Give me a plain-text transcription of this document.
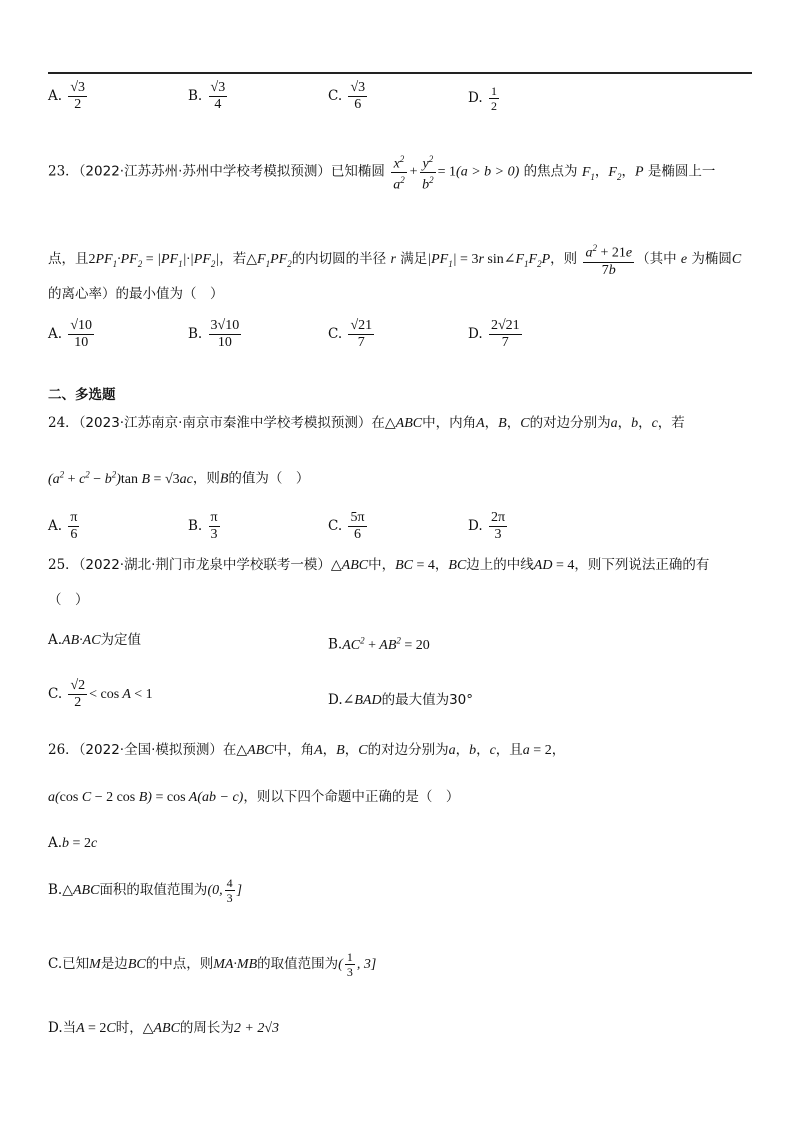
A. $\frac{√3}{2}$	B. $\frac{√3}{4}$	C. $\frac{√3}{6}$	D. $\frac{1}{2}$
23．（2022·江苏苏州·苏州中学校考模拟预测）已知椭圆 $\frac{x^2}{a^2} + \frac{y^2}{b^2} = 1(a > b > 0)$ 的焦点为 $F_1$，$F_2$，P 是椭圆上一
点，且$2PF_1\cdot PF_2 = |PF_1|\cdot|PF_2|$，若$\triangle F_1PF_2$的内切圆的半径 r 满足$|PF_1| = 3r$ $\sin\angle F_1F_2P$，则 $\frac{a^2 + 21e}{7b}$ （其中 e 为椭圆C
的离心率）的最小值为（　）
A. $\frac{√10}{10}$	B. $\frac{3√10}{10}$	C. $\frac{√21}{7}$	D. $\frac{2√21}{7}$
二、多选题
24．（2023·江苏南京·南京市秦淮中学校考模拟预测）在△ABC中，内角A，B，C的对边分别为a，b，c，若
$(a^2 + c^2 - b^2)\tan$ B = √3ac，则B的值为（　）
A. $\frac{\pi}{6}$	B. $\frac{\pi}{3}$	C. $\frac{5\pi}{6}$	D. $\frac{2\pi}{3}$
25．（2022·湖北·荆门市龙泉中学校联考一模）△ABC中，BC = 4，BC边上的中线AD = 4，则下列说法正确的有
（　）
A.AB·AC为定值	$B.AC^2 + AB^2 = 20$
C. $\frac{√2}{2} < \cos A < 1$	D.∠BAD的最大值为30°
26．（2022·全国·模拟预测）在△ABC中，角A，B，C的对边分别为a，b，c，且a = 2，
a(cos C − 2 cos B) = cos A(ab − c)，则以下四个命题中正确的是（　）
A.b = 2c
B.△ABC面积的取值范围为(0, $\frac{4}{3}$ ]
C.已知M是边BC的中点，则MA·MB的取值范围为( $\frac{1}{3}$ , 3]
D.当A = 2C时，△ABC的周长为2 + 2√3
